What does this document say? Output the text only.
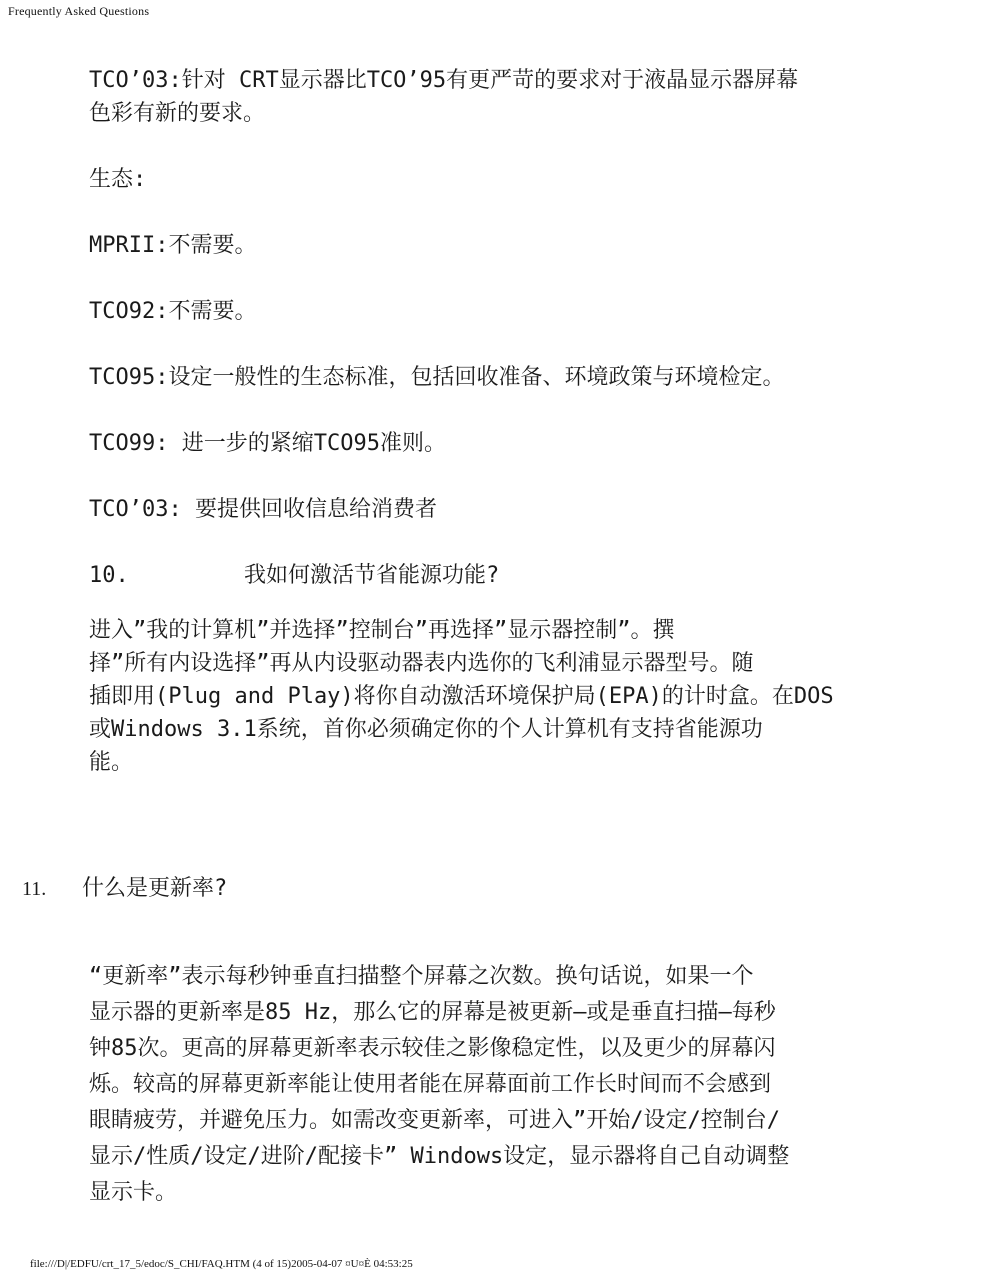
Frequently Asked Questions

TCO’03:针对 CRT显示器比TCO’95有更严苛的要求对于液晶显示器屏幕

色彩有新的要求。

生态:

MPRII:不需要。

TCO92:不需要。

TCO95:设定一般性的生态标准，包括回收准备、环境政策与环境检定。

TCO99: 进一步的紧缩TCO95准则。

TCO’03: 要提供回收信息给消费者

10.	我如何激活节省能源功能?
进入”我的计算机”并选择”控制台”再选择”显示器控制”。撰
择”所有内设选择”再从内设驱动器表内选你的飞利浦显示器型号。随
插即用(Plug and Play)将你自动激活环境保护局(EPA)的计时盒。在DOS
或Windows 3.1系统，首你必须确定你的个人计算机有支持省能源功
能。
11.	什么是更新率?
“更新率”表示每秒钟垂直扫描整个屏幕之次数。换句话说，如果一个
显示器的更新率是85 Hz，那么它的屏幕是被更新—或是垂直扫描—每秒
钟85次。更高的屏幕更新率表示较佳之影像稳定性，以及更少的屏幕闪
烁。较高的屏幕更新率能让使用者能在屏幕面前工作长时间而不会感到
眼睛疲劳，并避免压力。如需改变更新率，可进入”开始/设定/控制台/
显示/性质/设定/进阶/配接卡” Windows设定，显示器将自己自动调整
显示卡。
file:///D|/EDFU/crt_17_5/edoc/S_CHI/FAQ.HTM (4 of 15)2005-04-07 ¤U¤È 04:53:25
